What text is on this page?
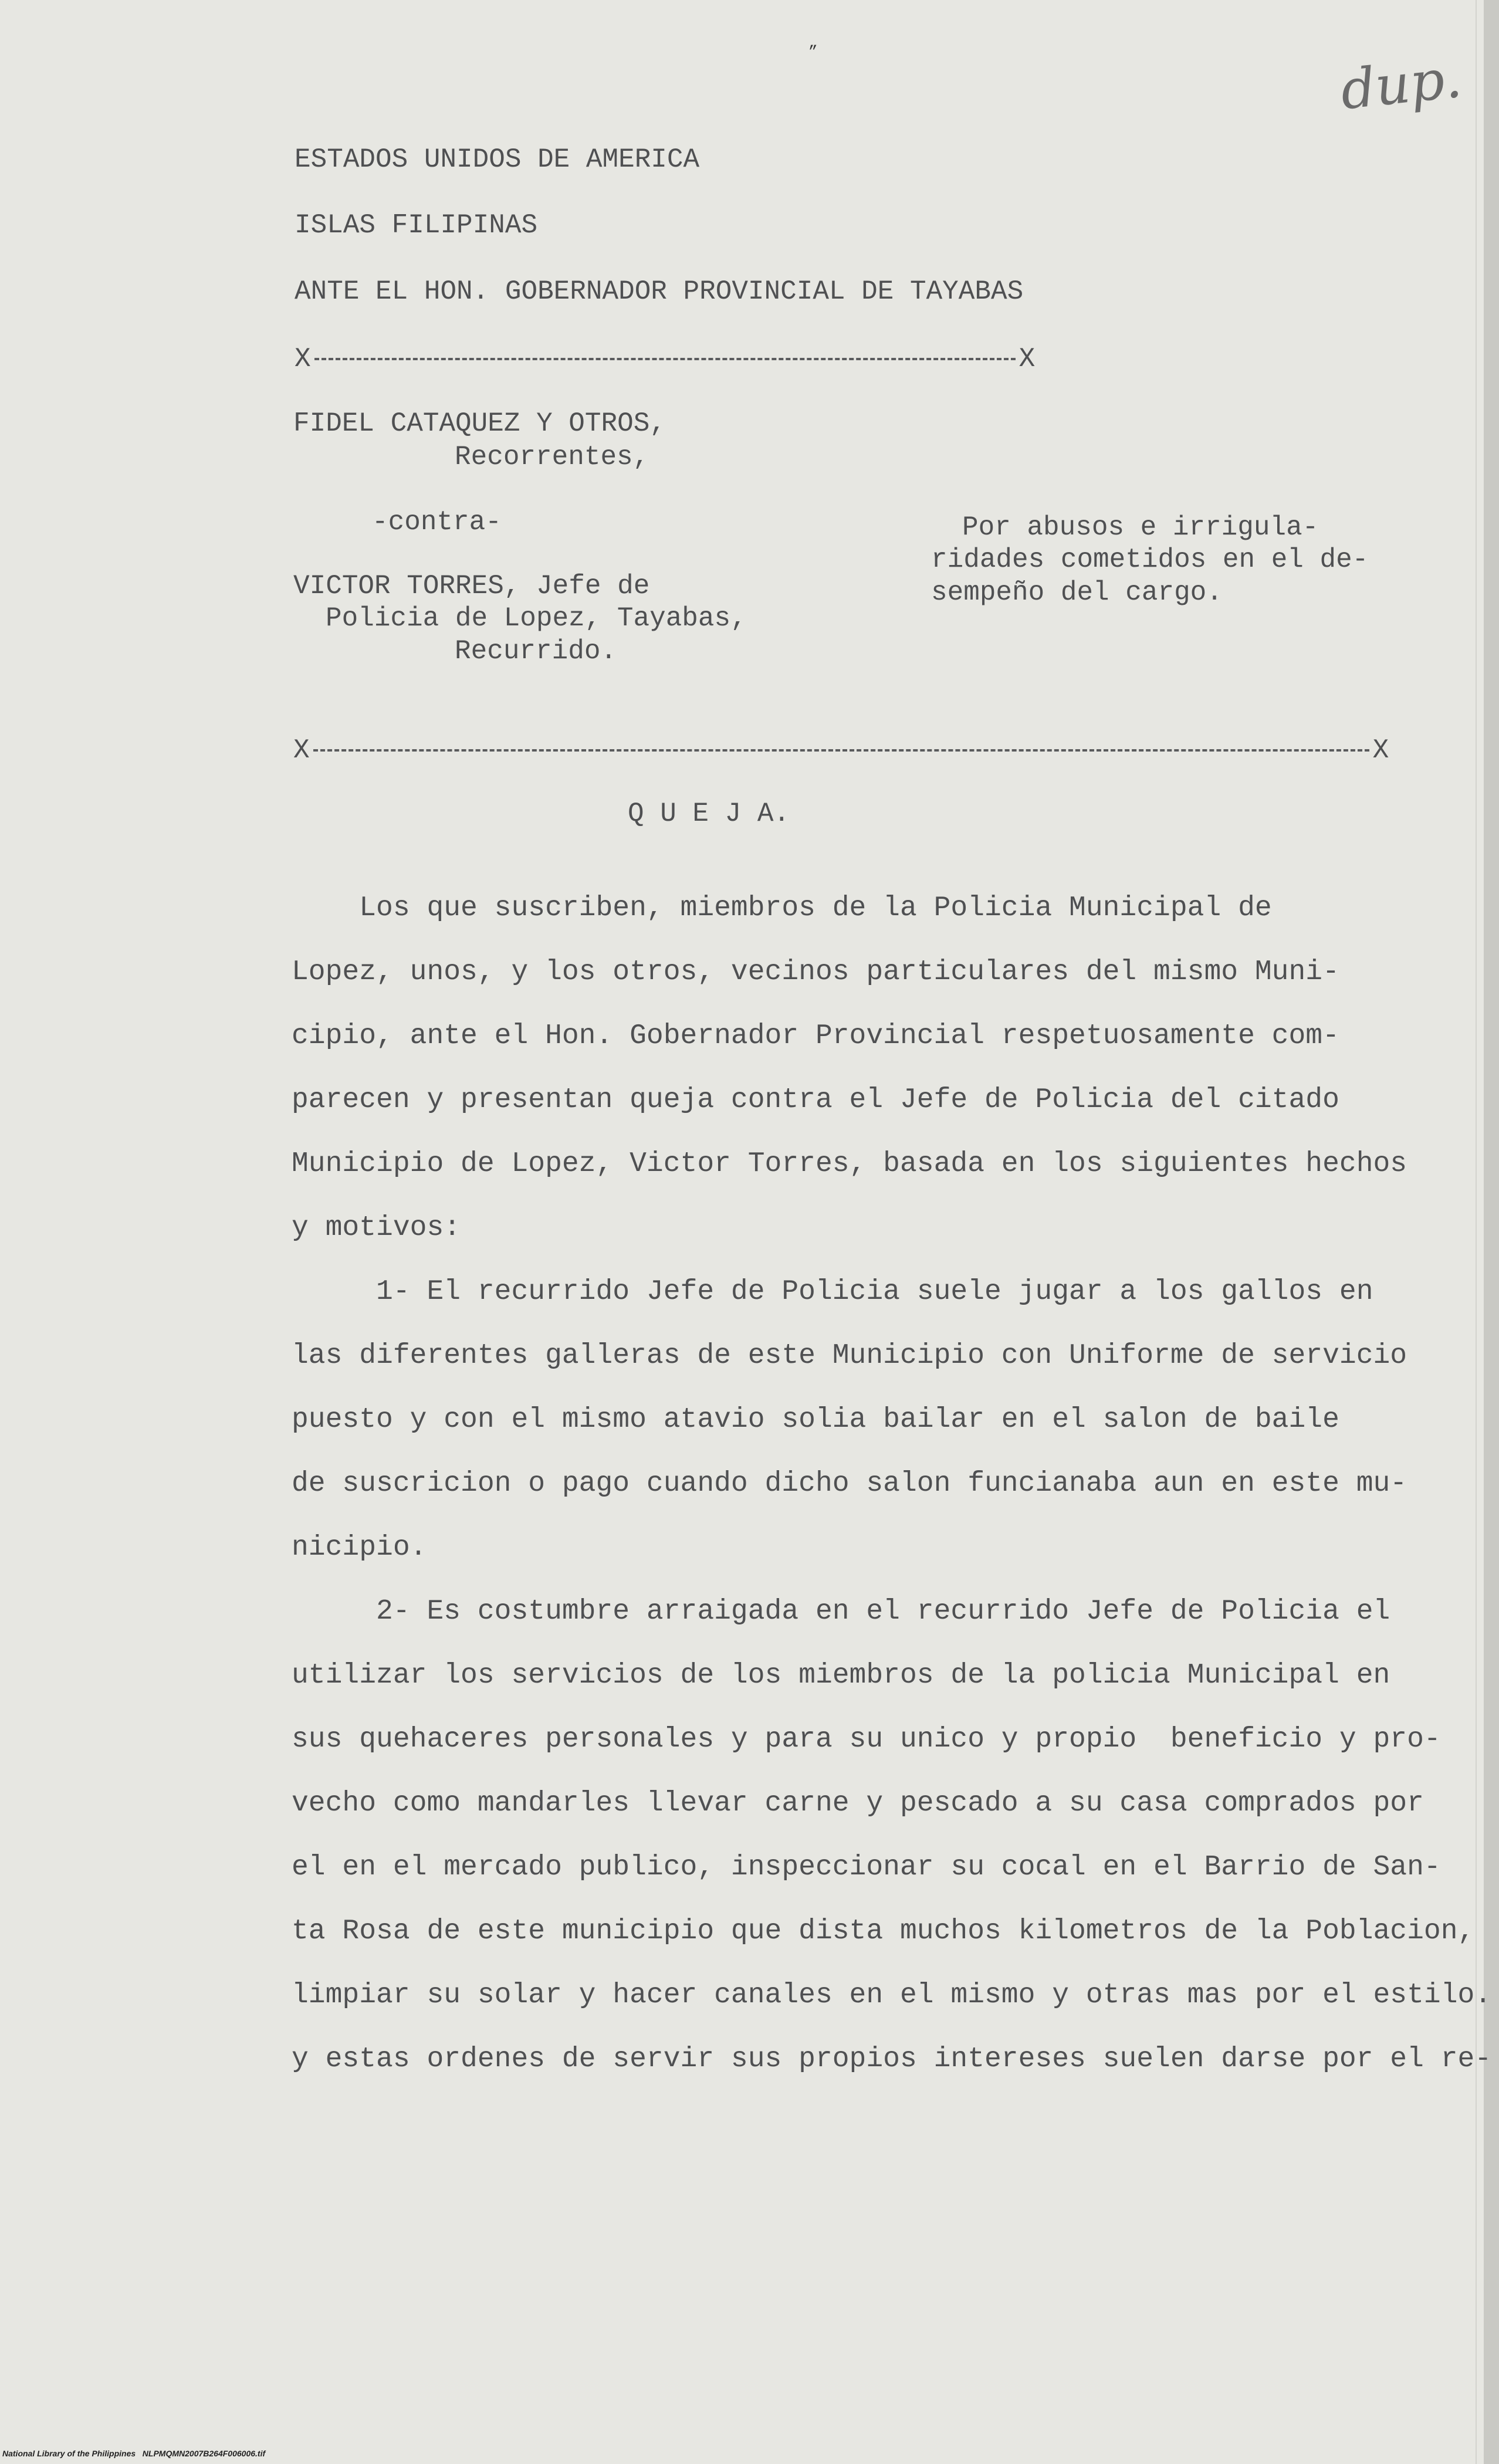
„
dup.
ESTADOS UNIDOS DE AMERICA
ISLAS FILIPINAS
ANTE EL HON. GOBERNADOR PROVINCIAL DE TAYABAS
X	X
FIDEL CATAQUEZ Y OTROS,
Recorrentes,
-contra-
VICTOR TORRES, Jefe de
Policia de Lopez, Tayabas,
Recurrido.
Por abusos e irrigula-
ridades cometidos en el de-
sempeño del cargo.
X	X
Q U E J A.
Los que suscriben, miembros de la Policia Municipal de
Lopez, unos, y los otros, vecinos particulares del mismo Muni-
cipio, ante el Hon. Gobernador Provincial respetuosamente com-
parecen y presentan queja contra el Jefe de Policia del citado
Municipio de Lopez, Victor Torres, basada en los siguientes hechos
y motivos:
1- El recurrido Jefe de Policia suele jugar a los gallos en
las diferentes galleras de este Municipio con Uniforme de servicio
puesto y con el mismo atavio solia bailar en el salon de baile
de suscricion o pago cuando dicho salon funcianaba aun en este mu-
nicipio.
2- Es costumbre arraigada en el recurrido Jefe de Policia el
utilizar los servicios de los miembros de la policia Municipal en
sus quehaceres personales y para su unico y propio  beneficio y pro-
vecho como mandarles llevar carne y pescado a su casa comprados por
el en el mercado publico, inspeccionar su cocal en el Barrio de San-
ta Rosa de este municipio que dista muchos kilometros de la Poblacion,
limpiar su solar y hacer canales en el mismo y otras mas por el estilo.
y estas ordenes de servir sus propios intereses suelen darse por el re-
National Library of the Philippines   NLPMQMN2007B264F006006.tif
